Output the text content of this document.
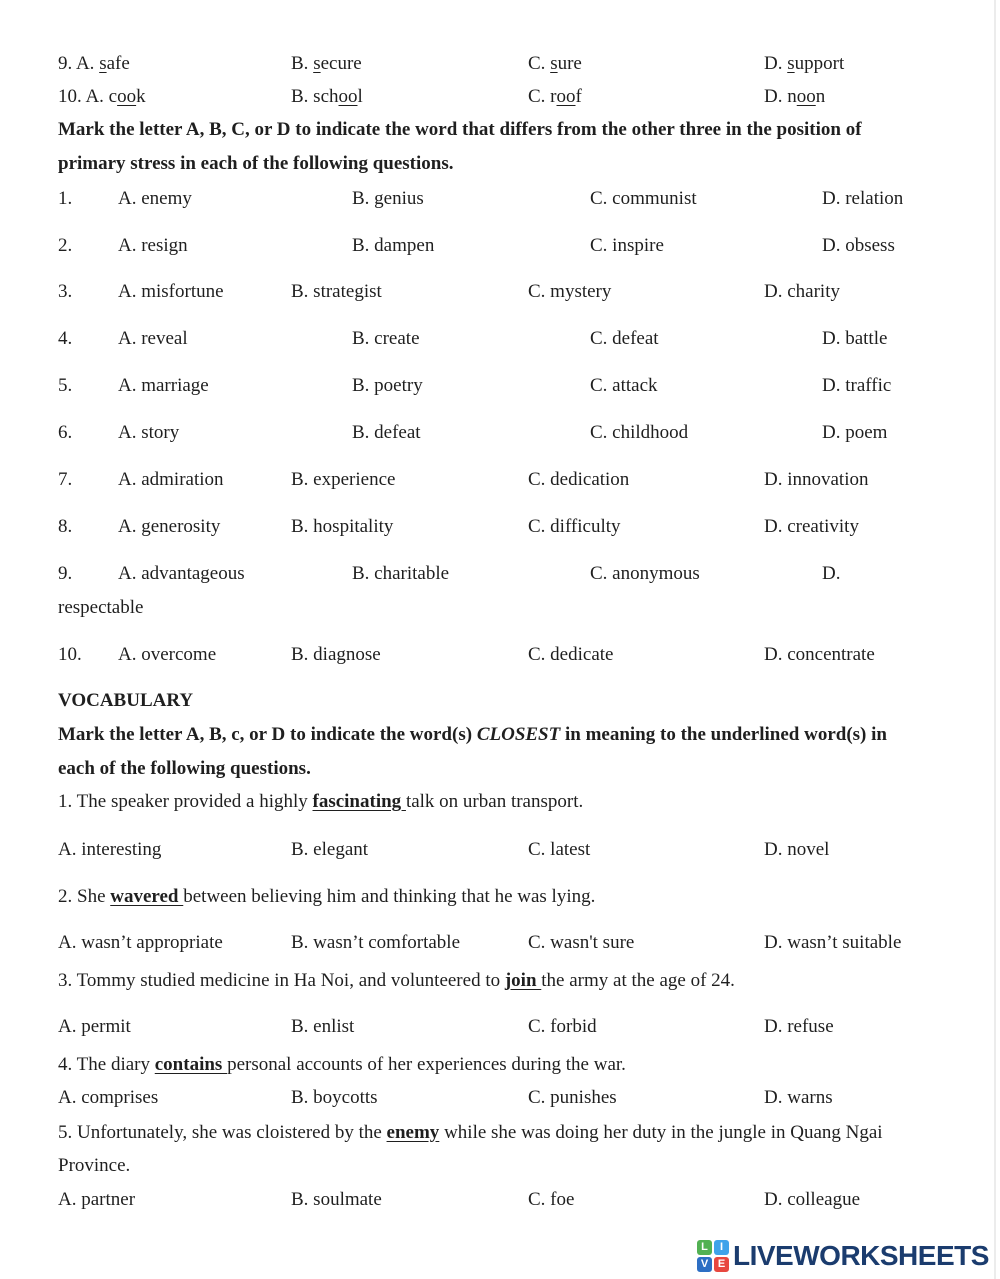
9. A. safe	B. secure	C. sure	D. support
10. A. cook	B. school	C. roof	D. noon
Mark the letter A, B, C, or D to indicate the word that differs from the other three in the position of
primary stress in each of the following questions.
1. A. enemy	B. genius	C. communist	D. relation
2. A. resign	B. dampen	C. inspire	D. obsess
3. A. misfortune	B. strategist	C. mystery	D. charity
4. A. reveal	B. create	C. defeat	D. battle
5. A. marriage	B. poetry	C. attack	D. traffic
6. A. story	B. defeat	C. childhood	D. poem
7. A. admiration	B. experience	C. dedication	D. innovation
8. A. generosity	B. hospitality	C. difficulty	D. creativity
9. A. advantageous	B. charitable	C. anonymous	D.
respectable
10. A. overcome	B. diagnose	C. dedicate	D. concentrate
VOCABULARY
Mark the letter A, B, c, or D to indicate the word(s) CLOSEST in meaning to the underlined word(s) in
each of the following questions.
1. The speaker provided a highly fascinating talk on urban transport.
A. interesting	B. elegant	C. latest	D. novel
2. She wavered between believing him and thinking that he was lying.
A. wasn’t appropriate	B. wasn’t comfortable	C. wasn't sure	D. wasn’t suitable
3. Tommy studied medicine in Ha Noi, and volunteered to join the army at the age of 24.
A. permit	B. enlist	C. forbid	D. refuse
4. The diary contains personal accounts of her experiences during the war.
A. comprises	B. boycotts	C. punishes	D. warns
5. Unfortunately, she was cloistered by the enemy while she was doing her duty in the jungle in Quang Ngai
Province.
A. partner	B. soulmate	C. foe	D. colleague
L	I
V E LIVEWORKSHEETS
